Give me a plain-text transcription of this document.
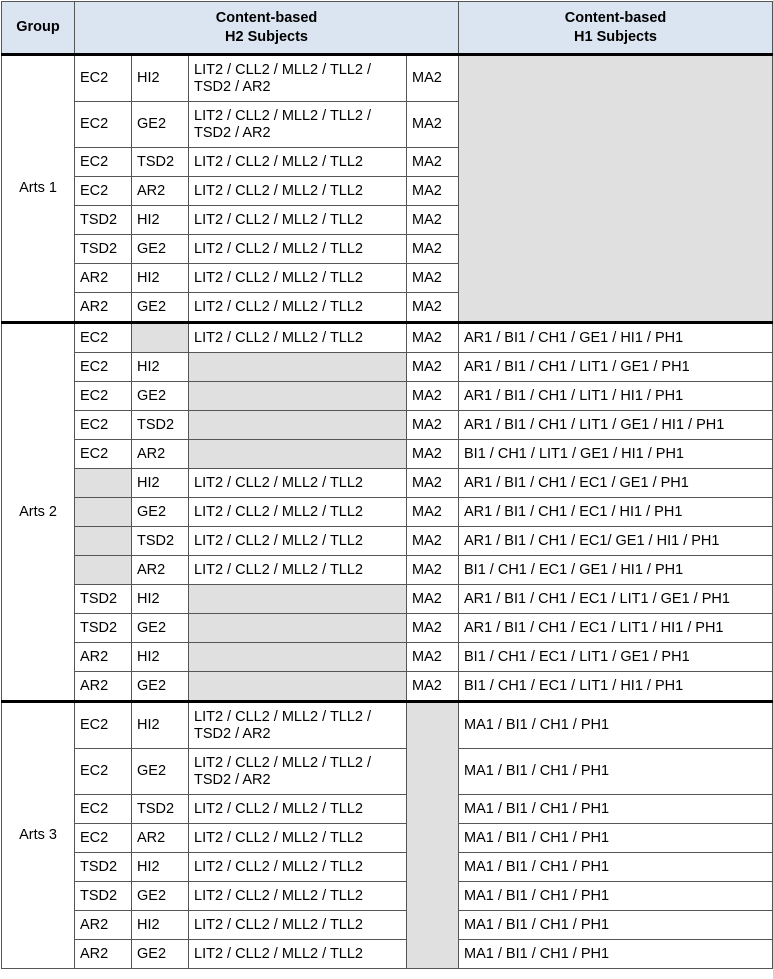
Group	Content-based
H2 Subjects				Content-based
H1 Subjects
Arts 1	EC2	HI2	LIT2 / CLL2 / MLL2 / TLL2 /
TSD2 / AR2	MA2	
	EC2	GE2	LIT2 / CLL2 / MLL2 / TLL2 /
TSD2 / AR2	MA2	
	EC2	TSD2	LIT2 / CLL2 / MLL2 / TLL2	MA2	
	EC2	AR2	LIT2 / CLL2 / MLL2 / TLL2	MA2	
	TSD2	HI2	LIT2 / CLL2 / MLL2 / TLL2	MA2	
	TSD2	GE2	LIT2 / CLL2 / MLL2 / TLL2	MA2	
	AR2	HI2	LIT2 / CLL2 / MLL2 / TLL2	MA2	
	AR2	GE2	LIT2 / CLL2 / MLL2 / TLL2	MA2	
Arts 2	EC2		LIT2 / CLL2 / MLL2 / TLL2	MA2	AR1 / BI1 / CH1 / GE1 / HI1 / PH1
	EC2	HI2		MA2	AR1 / BI1 / CH1 / LIT1 / GE1 / PH1
	EC2	GE2		MA2	AR1 / BI1 / CH1 / LIT1 / HI1 / PH1
	EC2	TSD2		MA2	AR1 / BI1 / CH1 / LIT1 / GE1 / HI1 / PH1
	EC2	AR2		MA2	BI1 / CH1 / LIT1 / GE1 / HI1 / PH1
		HI2	LIT2 / CLL2 / MLL2 / TLL2	MA2	AR1 / BI1 / CH1 / EC1 / GE1 / PH1
		GE2	LIT2 / CLL2 / MLL2 / TLL2	MA2	AR1 / BI1 / CH1 / EC1 / HI1 / PH1
		TSD2	LIT2 / CLL2 / MLL2 / TLL2	MA2	AR1 / BI1 / CH1 / EC1/ GE1 / HI1 / PH1
		AR2	LIT2 / CLL2 / MLL2 / TLL2	MA2	BI1 / CH1 / EC1 / GE1 / HI1 / PH1
	TSD2	HI2		MA2	AR1 / BI1 / CH1 / EC1 / LIT1 / GE1 / PH1
	TSD2	GE2		MA2	AR1 / BI1 / CH1 / EC1 / LIT1 / HI1 / PH1
	AR2	HI2		MA2	BI1 / CH1 / EC1 / LIT1 / GE1 / PH1
	AR2	GE2		MA2	BI1 / CH1 / EC1 / LIT1 / HI1 / PH1
Arts 3	EC2	HI2	LIT2 / CLL2 / MLL2 / TLL2 /
TSD2 / AR2		MA1 / BI1 / CH1 / PH1
	EC2	GE2	LIT2 / CLL2 / MLL2 / TLL2 /
TSD2 / AR2		MA1 / BI1 / CH1 / PH1
	EC2	TSD2	LIT2 / CLL2 / MLL2 / TLL2		MA1 / BI1 / CH1 / PH1
	EC2	AR2	LIT2 / CLL2 / MLL2 / TLL2		MA1 / BI1 / CH1 / PH1
	TSD2	HI2	LIT2 / CLL2 / MLL2 / TLL2		MA1 / BI1 / CH1 / PH1
	TSD2	GE2	LIT2 / CLL2 / MLL2 / TLL2		MA1 / BI1 / CH1 / PH1
	AR2	HI2	LIT2 / CLL2 / MLL2 / TLL2		MA1 / BI1 / CH1 / PH1
	AR2	GE2	LIT2 / CLL2 / MLL2 / TLL2		MA1 / BI1 / CH1 / PH1
